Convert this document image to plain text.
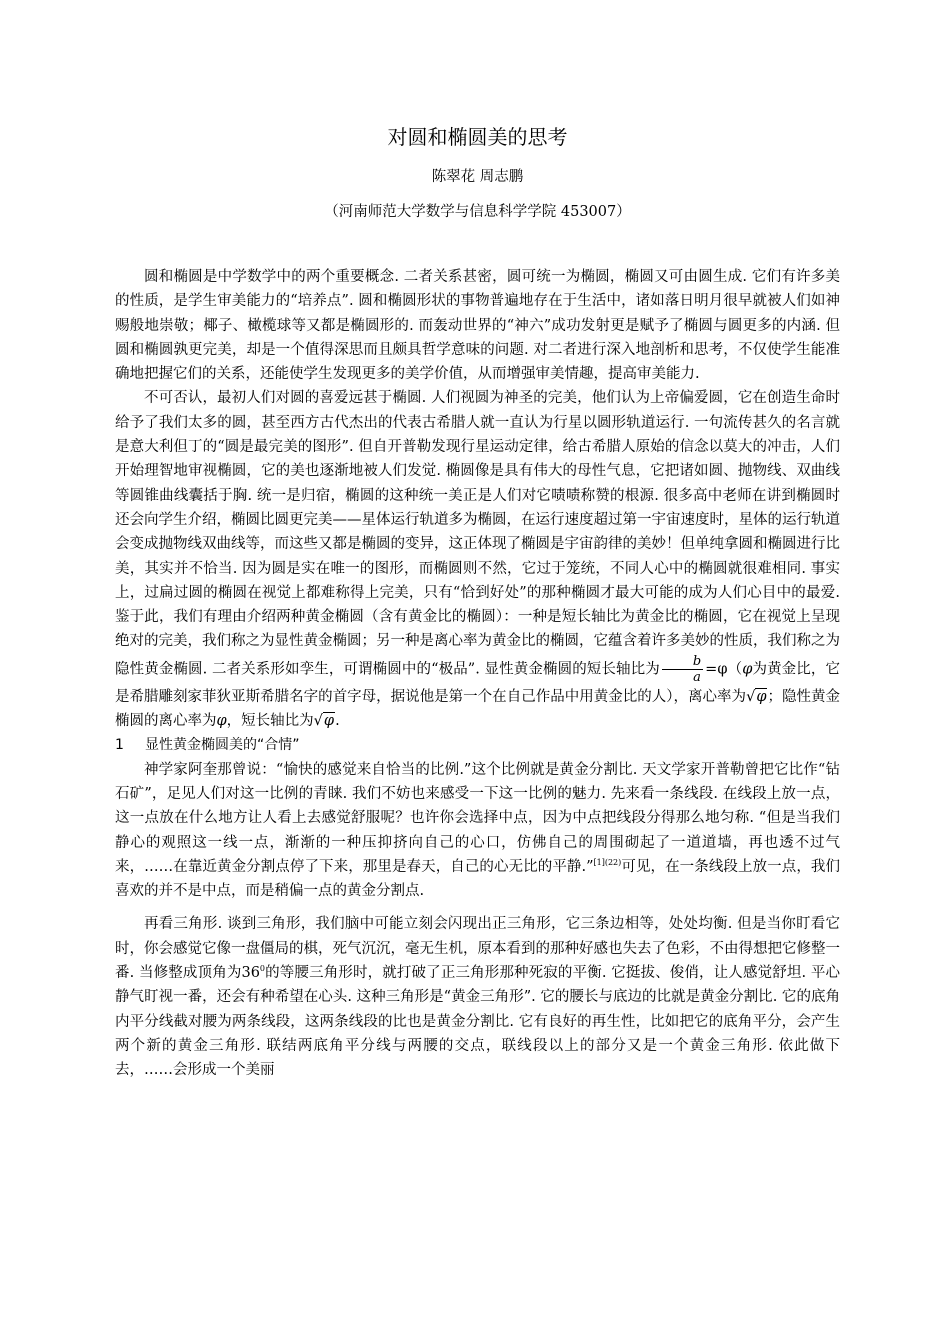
对圆和椭圆美的思考
陈翠花 周志鹏
（河南师范大学数学与信息科学学院 453007）

圆和椭圆是中学数学中的两个重要概念. 二者关系甚密，圆可统一为椭圆，椭圆又可由圆生成. 它们有许多美的性质，是学生审美能力的“培养点”. 圆和椭圆形状的事物普遍地存在于生活中，诸如落日明月很早就被人们如神赐般地崇敬；椰子、橄榄球等又都是椭圆形的. 而轰动世界的“神六”成功发射更是赋予了椭圆与圆更多的内涵. 但圆和椭圆孰更完美，却是一个值得深思而且颇具哲学意味的问题. 对二者进行深入地剖析和思考，不仅使学生能准确地把握它们的关系，还能使学生发现更多的美学价值，从而增强审美情趣，提高审美能力.

不可否认，最初人们对圆的喜爱远甚于椭圆. 人们视圆为神圣的完美，他们认为上帝偏爱圆，它在创造生命时给予了我们太多的圆，甚至西方古代杰出的代表古希腊人就一直认为行星以圆形轨道运行. 一句流传甚久的名言就是意大利但丁的“圆是最完美的图形”. 但自开普勒发现行星运动定律，给古希腊人原始的信念以莫大的冲击，人们开始理智地审视椭圆，它的美也逐渐地被人们发觉. 椭圆像是具有伟大的母性气息，它把诸如圆、抛物线、双曲线等圆锥曲线囊括于胸. 统一是归宿，椭圆的这种统一美正是人们对它啧啧称赞的根源. 很多高中老师在讲到椭圆时还会向学生介绍，椭圆比圆更完美——星体运行轨道多为椭圆，在运行速度超过第一宇宙速度时，星体的运行轨道会变成抛物线双曲线等，而这些又都是椭圆的变异，这正体现了椭圆是宇宙韵律的美妙！但单纯拿圆和椭圆进行比美，其实并不恰当. 因为圆是实在唯一的图形，而椭圆则不然，它过于笼统，不同人心中的椭圆就很难相同. 事实上，过扁过圆的椭圆在视觉上都难称得上完美，只有“恰到好处”的那种椭圆才最大可能的成为人们心目中的最爱. 鉴于此，我们有理由介绍两种黄金椭圆（含有黄金比的椭圆）：一种是短长轴比为黄金比的椭圆，它在视觉上呈现绝对的完美，我们称之为显性黄金椭圆；另一种是离心率为黄金比的椭圆，它蕴含着许多美妙的性质，我们称之为隐性黄金椭圆. 二者关系形如孪生，可谓椭圆中的“极品”. 显性黄金椭圆的短长轴比为 $\frac{b}{a} =\varphi(\varphi$为黄金比，它是希腊雕刻家菲狄亚斯希腊名字的首字母，据说他是第一个在自己作品中用黄金比的人），离心率为√φ；隐性黄金椭圆的离心率为φ，短长轴比为√φ.

1 显性黄金椭圆美的“合情”

神学家阿奎那曾说：“愉快的感觉来自恰当的比例.”这个比例就是黄金分割比. 天文学家开普勒曾把它比作“钻石矿”，足见人们对这一比例的青睐. 我们不妨也来感受一下这一比例的魅力. 先来看一条线段. 在线段上放一点，这一点放在什么地方让人看上去感觉舒服呢？也许你会选择中点，因为中点把线段分得那么地匀称. “但是当我们静心的观照这一线一点，渐渐的一种压抑挤向自己的心口，仿佛自己的周围砌起了一道道墙，再也透不过气来，……在靠近黄金分割点停了下来，那里是春天，自己的心无比的平静.”$^{[1](22)}$可见，在一条线段上放一点，我们喜欢的并不是中点，而是稍偏一点的黄金分割点.

再看三角形. 谈到三角形，我们脑中可能立刻会闪现出正三角形，它三条边相等，处处均衡. 但是当你盯看它时，你会感觉它像一盘僵局的棋，死气沉沉，毫无生机，原本看到的那种好感也失去了色彩，不由得想把它修整一番. 当修整成顶角为$36^0$的等腰三角形时，就打破了正三角形那种死寂的平衡. 它挺拔、俊俏，让人感觉舒坦. 平心静气盯视一番，还会有种希望在心头. 这种三角形是“黄金三角形”. 它的腰长与底边的比就是黄金分割比. 它的底角内平分线截对腰为两条线段，这两条线段的比也是黄金分割比. 它有良好的再生性，比如把它的底角平分，会产生两个新的黄金三角形. 联结两底角平分线与两腰的交点，联线段以上的部分又是一个黄金三角形. 依此做下去，……会形成一个美丽
